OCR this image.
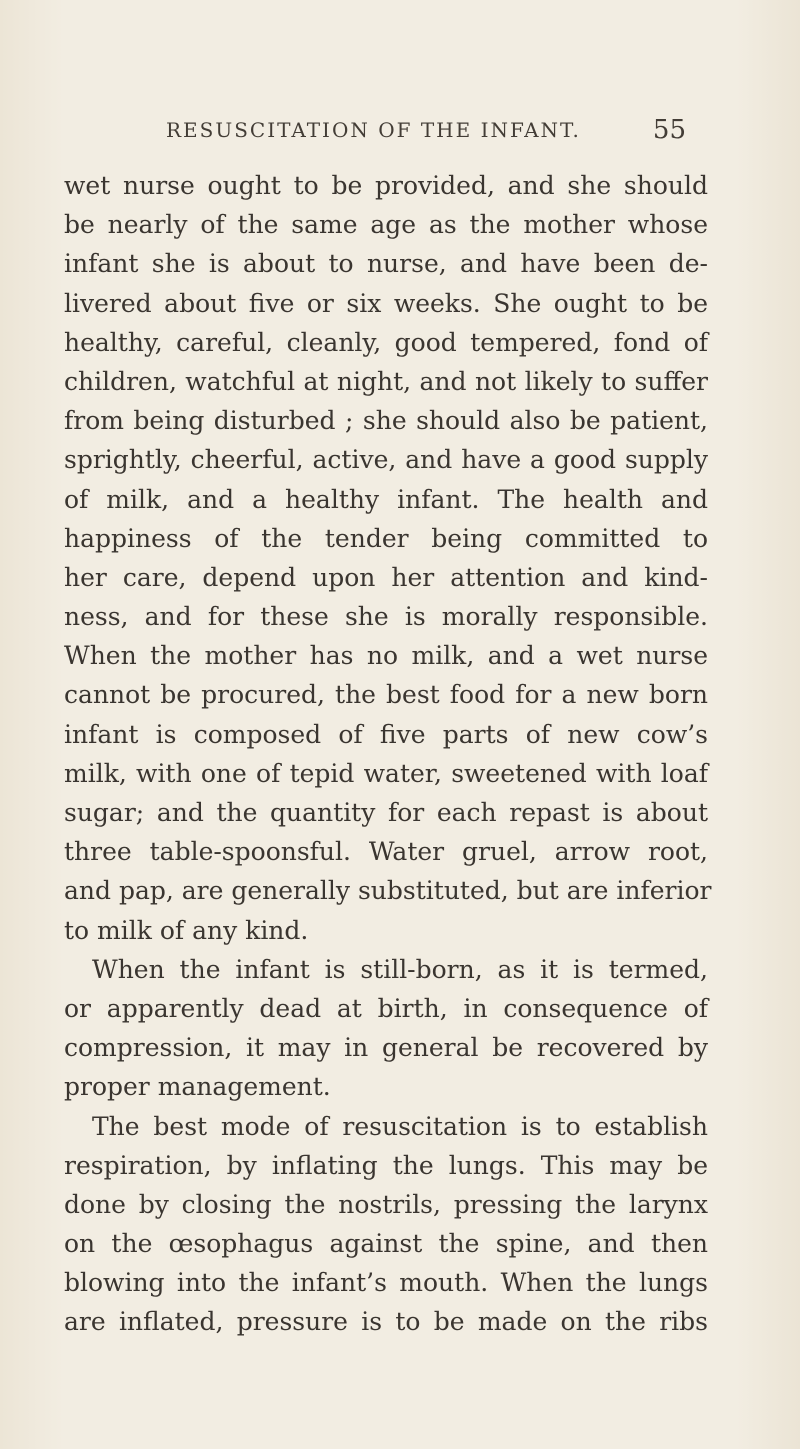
RESUSCITATION OF THE INFANT.	55
wet nurse ought to be provided, and she should
be nearly of the same age as the mother whose
infant she is about to nurse, and have been de-
livered about five or six weeks. She ought to be
healthy, careful, cleanly, good tempered, fond of
children, watchful at night, and not likely to suffer
from being disturbed ; she should also be patient,
sprightly, cheerful, active, and have a good supply
of milk, and a healthy infant. The health and
happiness of the tender being committed to
her care, depend upon her attention and kind-
ness, and for these she is morally responsible.
When the mother has no milk, and a wet nurse
cannot be procured, the best food for a new born
infant is composed of five parts of new cow’s
milk, with one of tepid water, sweetened with loaf
sugar; and the quantity for each repast is about
three table-spoonsful. Water gruel, arrow root,
and pap, are generally substituted, but are inferior
to milk of any kind.
When the infant is still-born, as it is termed,
or apparently dead at birth, in consequence of
compression, it may in general be recovered by
proper management.
The best mode of resuscitation is to establish
respiration, by inflating the lungs. This may be
done by closing the nostrils, pressing the larynx
on the œsophagus against the spine, and then
blowing into the infant’s mouth. When the lungs
are inflated, pressure is to be made on the ribs
